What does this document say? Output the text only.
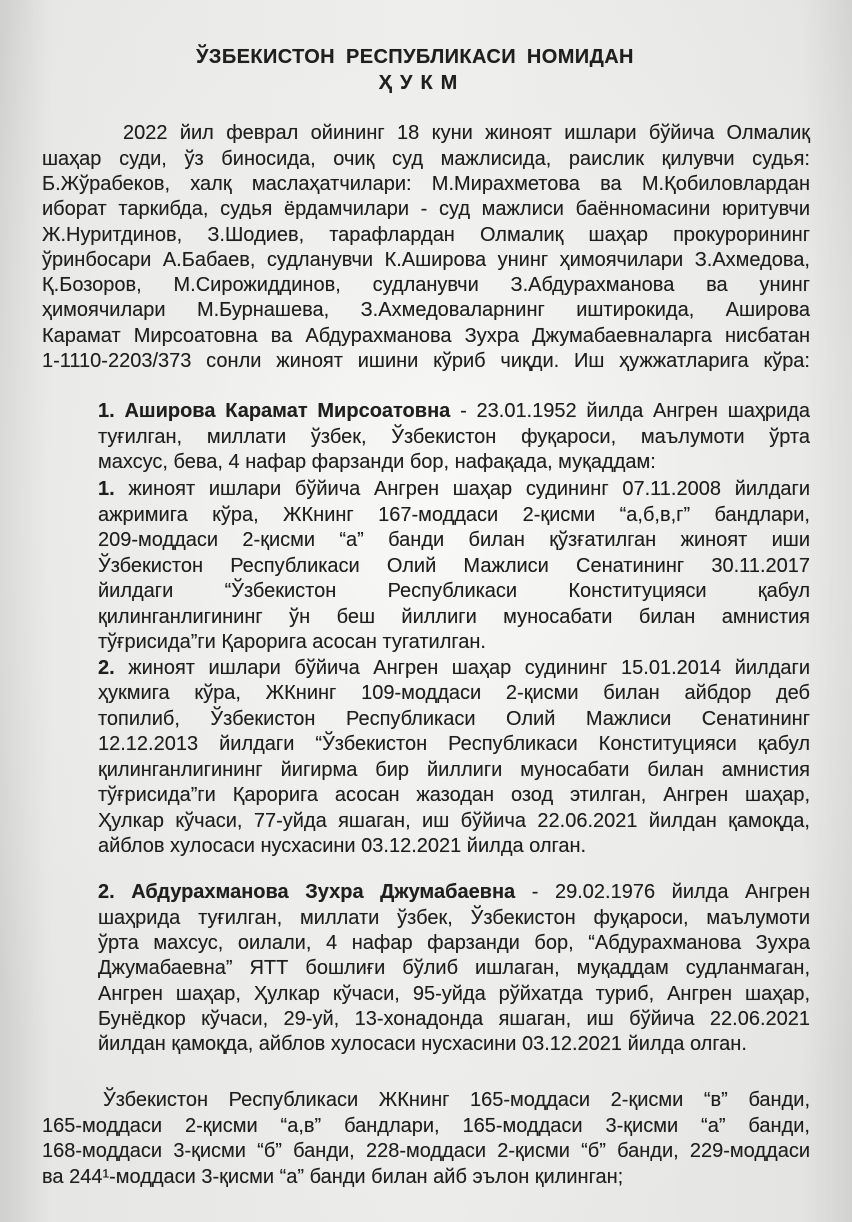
ЎЗБЕКИСТОН РЕСПУБЛИКАСИ НОМИДАН
ҲУКМ
2022 йил феврал ойининг 18 куни жиноят ишлари бўйича Олмалиқ
шаҳар суди, ўз биносида, очиқ суд мажлисида, раислик қилувчи судья:
Б.Жўрабеков, халқ маслаҳатчилари: М.Мирахметова ва М.Қобиловлардан
иборат таркибда, судья ёрдамчилари - суд мажлиси баённомасини юритувчи
Ж.Нуритдинов, З.Шодиев, тарафлардан Олмалиқ шаҳар прокурорининг
ўринбосари А.Бабаев, судланувчи К.Аширова унинг ҳимоячилари З.Ахмедова,
Қ.Бозоров, М.Сирожиддинов, судланувчи З.Абдурахманова ва унинг
ҳимоячилари М.Бурнашева, З.Ахмедоваларнинг иштирокида, Аширова
Карамат Мирсоатовна ва Абдурахманова Зухра Джумабаевналарга нисбатан
1-1110-2203/373 сонли жиноят ишини кўриб чиқди. Иш ҳужжатларига кўра:
1. Аширова Карамат Мирсоатовна - 23.01.1952 йилда Ангрен шаҳрида
туғилган, миллати ўзбек, Ўзбекистон фуқароси, маълумоти ўрта
махсус, бева, 4 нафар фарзанди бор, нафақада, муқаддам:
1. жиноят ишлари бўйича Ангрен шаҳар судининг 07.11.2008 йилдаги
ажримига кўра, ЖКнинг 167-моддаси 2-қисми “а,б,в,г” бандлари,
209-моддаси 2-қисми “а” банди билан қўзғатилган жиноят иши
Ўзбекистон Республикаси Олий Мажлиси Сенатининг 30.11.2017
йилдаги “Ўзбекистон Республикаси Конституцияси қабул
қилинганлигининг ўн беш йиллиги муносабати билан амнистия
тўғрисида”ги Қарорига асосан тугатилган.
2. жиноят ишлари бўйича Ангрен шаҳар судининг 15.01.2014 йилдаги
ҳукмига кўра, ЖКнинг 109-моддаси 2-қисми билан айбдор деб
топилиб, Ўзбекистон Республикаси Олий Мажлиси Сенатининг
12.12.2013 йилдаги “Ўзбекистон Республикаси Конституцияси қабул
қилинганлигининг йигирма бир йиллиги муносабати билан амнистия
тўғрисида”ги Қарорига асосан жазодан озод этилган, Ангрен шаҳар,
Ҳулкар кўчаси, 77-уйда яшаган, иш бўйича 22.06.2021 йилдан қамоқда,
айблов хулосаси нусхасини 03.12.2021 йилда олган.
2. Абдурахманова Зухра Джумабаевна - 29.02.1976 йилда Ангрен
шаҳрида туғилган, миллати ўзбек, Ўзбекистон фуқароси, маълумоти
ўрта махсус, оилали, 4 нафар фарзанди бор, “Абдурахманова Зухра
Джумабаевна” ЯТТ бошлиғи бўлиб ишлаган, муқаддам судланмаган,
Ангрен шаҳар, Ҳулкар кўчаси, 95-уйда рўйхатда туриб, Ангрен шаҳар,
Бунёдкор кўчаси, 29-уй, 13-хонадонда яшаган, иш бўйича 22.06.2021
йилдан қамоқда, айблов хулосаси нусхасини 03.12.2021 йилда олган.
Ўзбекистон Республикаси ЖКнинг 165-моддаси 2-қисми “в” банди,
165-моддаси 2-қисми “а,в” бандлари, 165-моддаси 3-қисми “а” банди,
168-моддаси 3-қисми “б” банди, 228-моддаси 2-қисми “б” банди, 229-моддаси
ва 244¹-моддаси 3-қисми “а” банди билан айб эълон қилинган;
